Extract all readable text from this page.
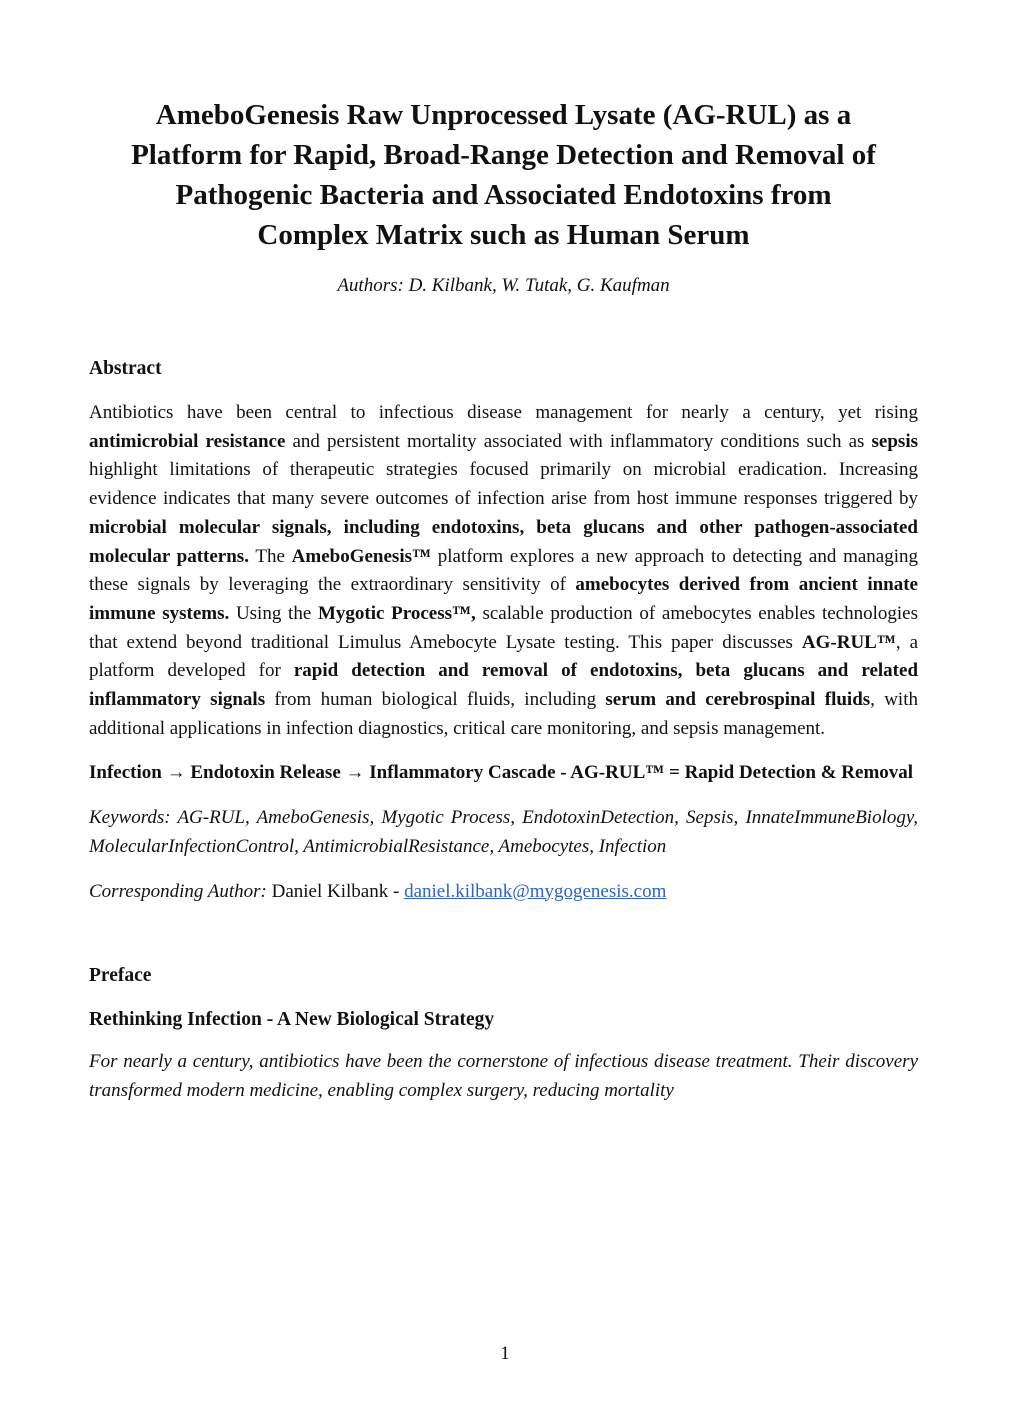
AmeboGenesis Raw Unprocessed Lysate (AG-RUL) as a
Platform for Rapid, Broad-Range Detection and Removal of
Pathogenic Bacteria and Associated Endotoxins from
Complex Matrix such as Human Serum
Authors: D. Kilbank, W. Tutak, G. Kaufman
Abstract

Antibiotics have been central to infectious disease management for nearly a century, yet rising antimicrobial resistance and persistent mortality associated with inflammatory conditions such as sepsis highlight limitations of therapeutic strategies focused primarily on microbial eradication. Increasing evidence indicates that many severe outcomes of infection arise from host immune responses triggered by microbial molecular signals, including endotoxins, beta glucans and other pathogen-associated molecular patterns. The AmeboGenesis™ platform explores a new approach to detecting and managing these signals by leveraging the extraordinary sensitivity of amebocytes derived from ancient innate immune systems. Using the Mygotic Process™, scalable production of amebocytes enables technologies that extend beyond traditional Limulus Amebocyte Lysate testing. This paper discusses AG-RUL™, a platform developed for rapid detection and removal of endotoxins, beta glucans and related inflammatory signals from human biological fluids, including serum and cerebrospinal fluids, with additional applications in infection diagnostics, critical care monitoring, and sepsis management.

Infection → Endotoxin Release → Inflammatory Cascade - AG-RUL™ = Rapid Detection & Removal

Keywords: AG-RUL, AmeboGenesis, Mygotic Process, EndotoxinDetection, Sepsis, InnateImmuneBiology, MolecularInfectionControl, AntimicrobialResistance, Amebocytes, Infection

Corresponding Author: Daniel Kilbank - daniel.kilbank@mygogenesis.com

Preface
Rethinking Infection - A New Biological Strategy

For nearly a century, antibiotics have been the cornerstone of infectious disease treatment. Their discovery transformed modern medicine, enabling complex surgery, reducing mortality

1
